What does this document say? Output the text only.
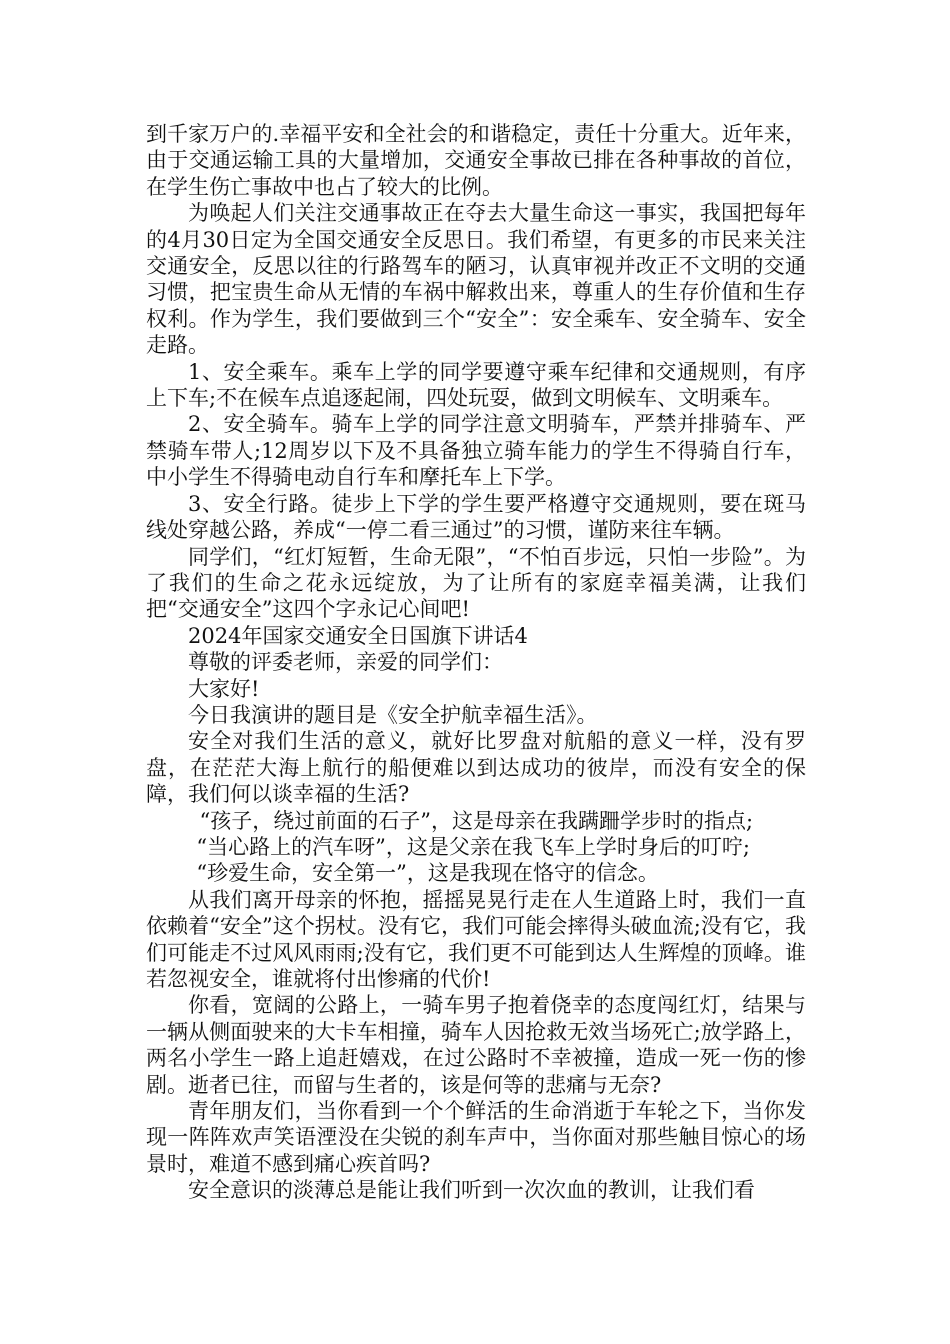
到千家万户的.幸福平安和全社会的和谐稳定，责任十分重大。近年来，由于交通运输工具的大量增加，交通安全事故已排在各种事故的首位，在学生伤亡事故中也占了较大的比例。

为唤起人们关注交通事故正在夺去大量生命这一事实，我国把每年的4月30日定为全国交通安全反思日。我们希望，有更多的市民来关注交通安全，反思以往的行路驾车的陋习，认真审视并改正不文明的交通习惯，把宝贵生命从无情的车祸中解救出来，尊重人的生存价值和生存权利。作为学生，我们要做到三个“安全”：安全乘车、安全骑车、安全走路。

1、安全乘车。乘车上学的同学要遵守乘车纪律和交通规则，有序上下车;不在候车点追逐起闹，四处玩耍，做到文明候车、文明乘车。

2、安全骑车。骑车上学的同学注意文明骑车，严禁并排骑车、严禁骑车带人;12周岁以下及不具备独立骑车能力的学生不得骑自行车，中小学生不得骑电动自行车和摩托车上下学。

3、安全行路。徒步上下学的学生要严格遵守交通规则，要在斑马线处穿越公路，养成“一停二看三通过”的习惯，谨防来往车辆。

同学们，“红灯短暂，生命无限”，“不怕百步远，只怕一步险”。为了我们的生命之花永远绽放，为了让所有的家庭幸福美满，让我们把“交通安全”这四个字永记心间吧!

2024年国家交通安全日国旗下讲话4

尊敬的评委老师，亲爱的同学们：

大家好!

今日我演讲的题目是《安全护航幸福生活》。

安全对我们生活的意义，就好比罗盘对航船的意义一样，没有罗盘，在茫茫大海上航行的船便难以到达成功的彼岸，而没有安全的保障，我们何以谈幸福的生活?

“孩子，绕过前面的石子”，这是母亲在我蹒跚学步时的指点;

“当心路上的汽车呀”，这是父亲在我飞车上学时身后的叮咛;

“珍爱生命，安全第一”，这是我现在恪守的信念。

从我们离开母亲的怀抱，摇摇晃晃行走在人生道路上时，我们一直依赖着“安全”这个拐杖。没有它，我们可能会摔得头破血流;没有它，我们可能走不过风风雨雨;没有它，我们更不可能到达人生辉煌的顶峰。谁若忽视安全，谁就将付出惨痛的代价!

你看，宽阔的公路上，一骑车男子抱着侥幸的态度闯红灯，结果与一辆从侧面驶来的大卡车相撞，骑车人因抢救无效当场死亡;放学路上，两名小学生一路上追赶嬉戏，在过公路时不幸被撞，造成一死一伤的惨剧。逝者已往，而留与生者的，该是何等的悲痛与无奈?

青年朋友们，当你看到一个个鲜活的生命消逝于车轮之下，当你发现一阵阵欢声笑语湮没在尖锐的刹车声中，当你面对那些触目惊心的场景时，难道不感到痛心疾首吗?

安全意识的淡薄总是能让我们听到一次次血的教训，让我们看
